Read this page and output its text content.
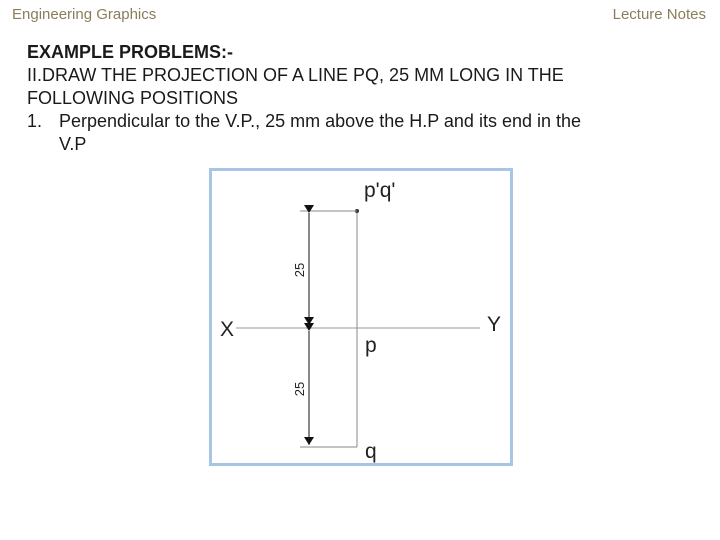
Engineering Graphics	Lecture Notes
EXAMPLE PROBLEMS:-
II.DRAW THE PROJECTION OF A LINE PQ, 25 MM LONG IN THE
FOLLOWING POSITIONS
1. Perpendicular to the V.P., 25 mm above the H.P and its end in the
V.P
25
25
p'q'
X	Y
p
q
